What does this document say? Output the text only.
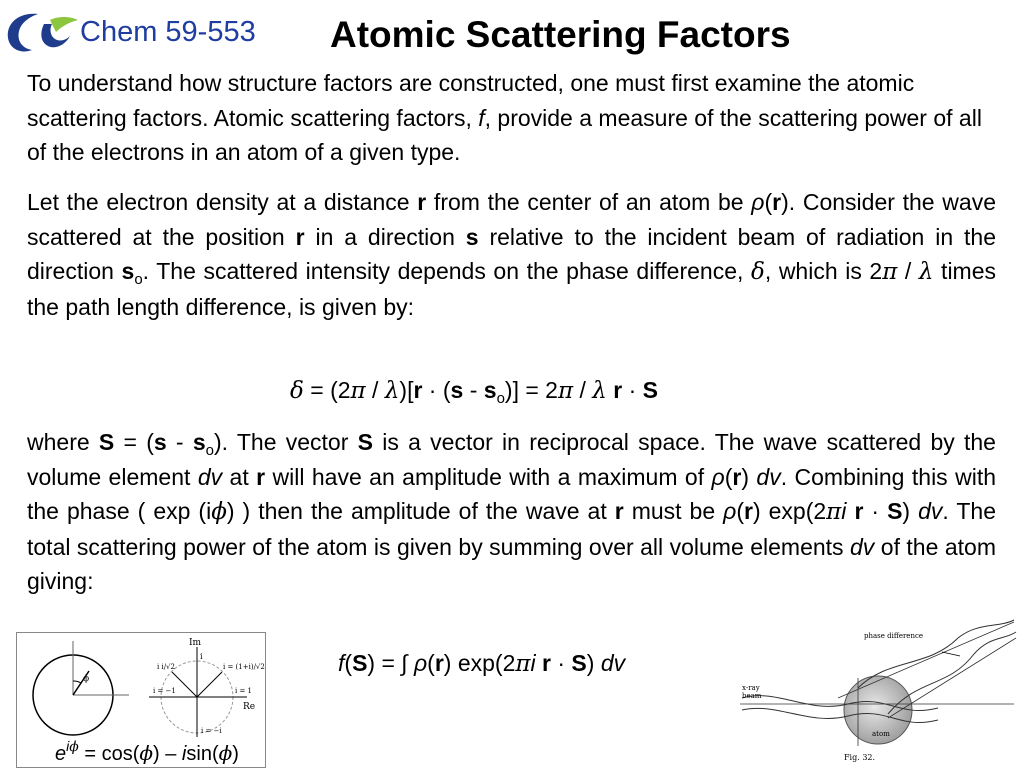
Chem 59-553 Atomic Scattering Factors

To understand how structure factors are constructed, one must first examine the atomic scattering factors. Atomic scattering factors, f, provide a measure of the scattering power of all of the electrons in an atom of a given type.

Let the electron density at a distance r from the center of an atom be ρ(r). Consider the wave scattered at the position r in a direction s relative to the incident beam of radiation in the direction $s_o$. The scattered intensity depends on the phase difference, δ, which is 2π / λ times the path length difference, is given by:

$\delta = (2\pi / \lambda)[r \cdot (s - s_o)] = 2\pi / \lambda$ r · S

where $S = (s - s_o)$. The vector S is a vector in reciprocal space. The wave scattered by the volume element dv at r will have an amplitude with a maximum of ρ(r) dv. Combining this with the phase ( exp (iϕ) ) then the amplitude of the wave at r must be ρ(r) exp(2πi r · S) dv. The total scattering power of the atom is given by summing over all volume elements dv of the atom giving:

f(S) = ∫ ρ(r) exp(2πi r · S) dv
ϕ
Im
Re
i
i = (1+i)/√2
i i/√2
i = −1	i = 1
i = −i
$e^{i\phi} = \cos(\phi) - isin(\phi)$
phase difference
x-ray
beam
atom
Fig. 32.
